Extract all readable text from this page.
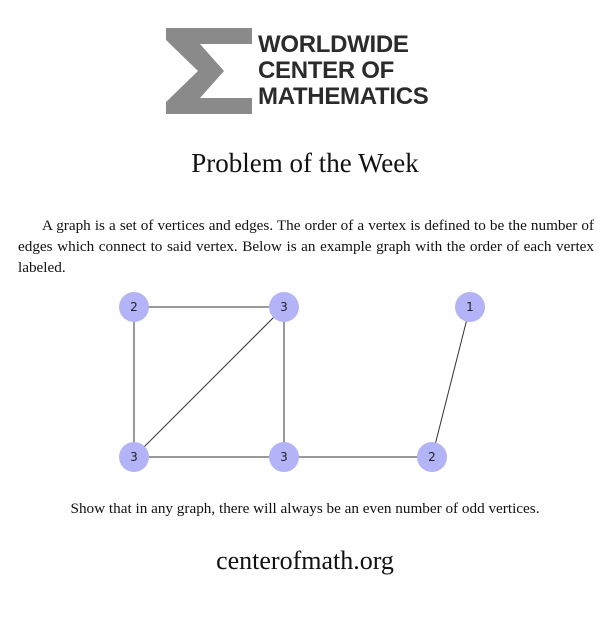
WORLDWIDE
CENTER OF
MATHEMATICS
Problem of the Week
A graph is a set of vertices and edges. The order of a vertex is defined to be the number of edges which connect to said vertex. Below is an example graph with the order of each vertex labeled.
2	3	1
3	3	2
Show that in any graph, there will always be an even number of odd vertices.
centerofmath.org
